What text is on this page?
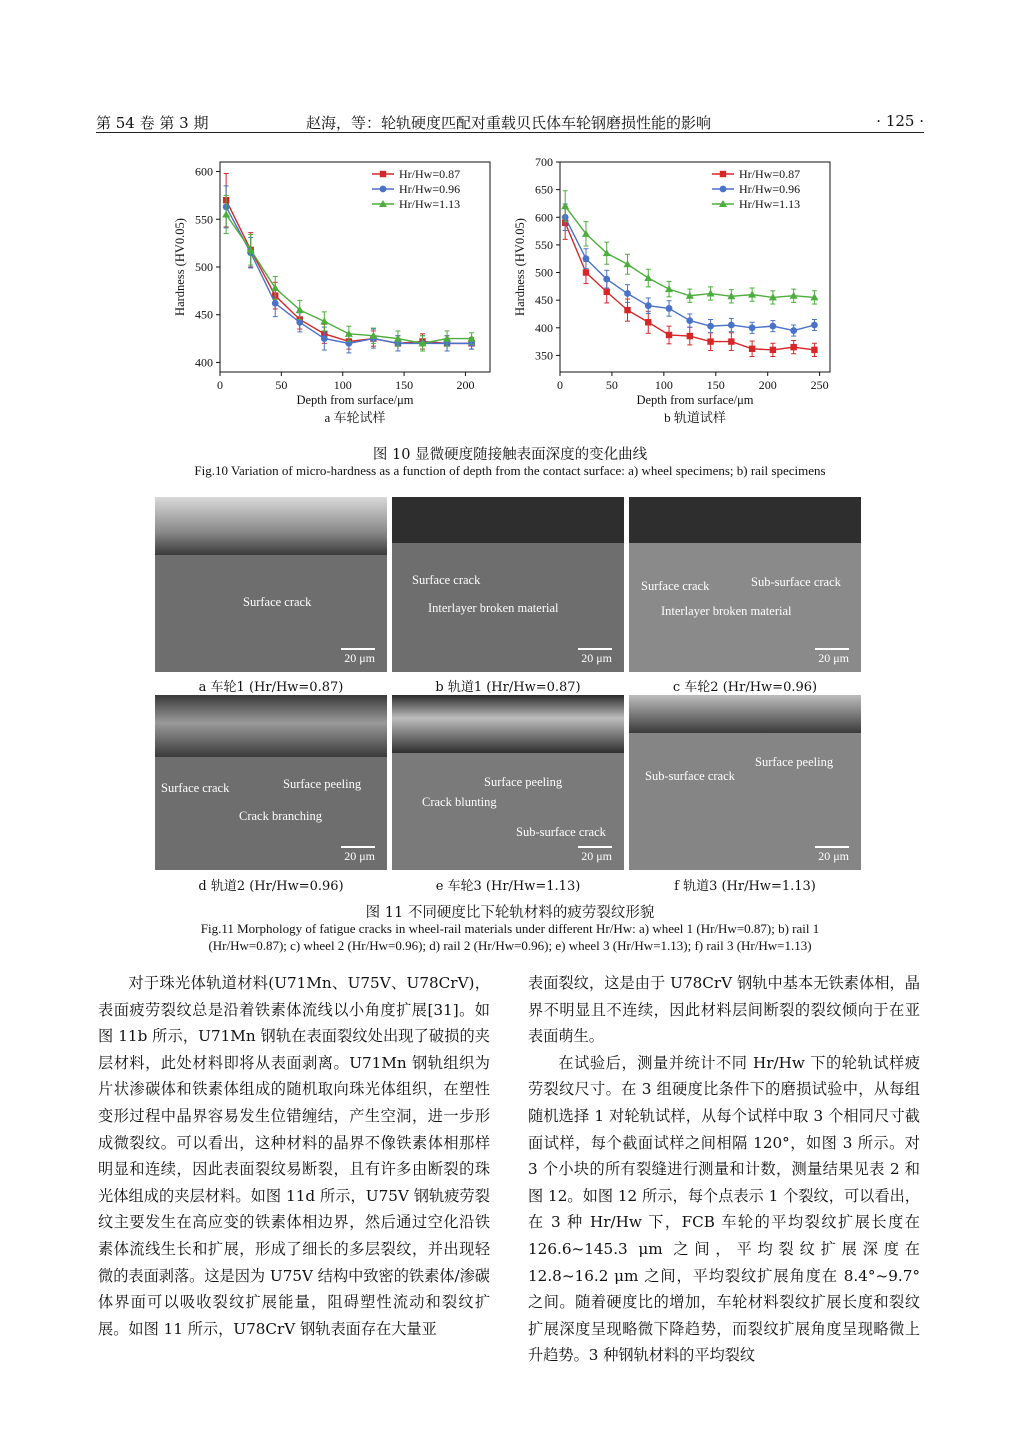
第 54 卷 第 3 期	赵海，等：轮轨硬度匹配对重载贝氏体车轮钢磨损性能的影响	· 125 ·
0	50	100	150	200
400
450
500
550
600
Depth from surface/μm
a 车轮试样
Hardness (HV0.05)
Hr/Hw=0.87
Hr/Hw=0.96
Hr/Hw=1.13
0	50	100	150	200	250
350
400
450
500
550
600
650
700
Depth from surface/μm
b 轨道试样
Hardness (HV0.05)
Hr/Hw=0.87
Hr/Hw=0.96
Hr/Hw=1.13
图 10 显微硬度随接触表面深度的变化曲线
Fig.10 Variation of micro-hardness as a function of depth from the contact surface: a) wheel specimens; b) rail specimens
Surface crack
20 μm
Surface crack
Interlayer broken material
20 μm
Surface crack	Sub-surface crack
Interlayer broken material
20 μm
a 车轮1 (Hr/Hw=0.87)	b 轨道1 (Hr/Hw=0.87)	c 车轮2 (Hr/Hw=0.96)
Surface crack	Surface peeling
Crack branching
20 μm
Surface peeling
Crack blunting
Sub-surface crack
20 μm
Sub-surface crack
Surface peeling
20 μm
d 轨道2 (Hr/Hw=0.96)	e 车轮3 (Hr/Hw=1.13)	f 轨道3 (Hr/Hw=1.13)
图 11 不同硬度比下轮轨材料的疲劳裂纹形貌
Fig.11 Morphology of fatigue cracks in wheel-rail materials under different Hr/Hw: a) wheel 1 (Hr/Hw=0.87); b) rail 1
(Hr/Hw=0.87); c) wheel 2 (Hr/Hw=0.96); d) rail 2 (Hr/Hw=0.96); e) wheel 3 (Hr/Hw=1.13); f) rail 3 (Hr/Hw=1.13)

对于珠光体轨道材料(U71Mn、U75V、U78CrV)，表面疲劳裂纹总是沿着铁素体流线以小角度扩展[31]。如图 11b 所示，U71Mn 钢轨在表面裂纹处出现了破损的夹层材料，此处材料即将从表面剥离。U71Mn 钢轨组织为片状渗碳体和铁素体组成的随机取向珠光体组织，在塑性变形过程中晶界容易发生位错缠结，产生空洞，进一步形成微裂纹。可以看出，这种材料的晶界不像铁素体相那样明显和连续，因此表面裂纹易断裂，且有许多由断裂的珠光体组成的夹层材料。如图 11d 所示，U75V 钢轨疲劳裂纹主要发生在高应变的铁素体相边界，然后通过空化沿铁素体流线生长和扩展，形成了细长的多层裂纹，并出现轻微的表面剥落。这是因为 U75V 结构中致密的铁素体/渗碳体界面可以吸收裂纹扩展能量，阻碍塑性流动和裂纹扩展。如图 11 所示，U78CrV 钢轨表面存在大量亚

表面裂纹，这是由于 U78CrV 钢轨中基本无铁素体相，晶界不明显且不连续，因此材料层间断裂的裂纹倾向于在亚表面萌生。

在试验后，测量并统计不同 Hr/Hw 下的轮轨试样疲劳裂纹尺寸。在 3 组硬度比条件下的磨损试验中，从每组随机选择 1 对轮轨试样，从每个试样中取 3 个相同尺寸截面试样，每个截面试样之间相隔 120°，如图 3 所示。对 3 个小块的所有裂缝进行测量和计数，测量结果见表 2 和图 12。如图 12 所示，每个点表示 1 个裂纹，可以看出，在 3 种 Hr/Hw 下，FCB 车轮的平均裂纹扩展长度在 126.6~145.3 μm 之间，平均裂纹扩展深度在 12.8~16.2 μm 之间，平均裂纹扩展角度在 8.4°~9.7°之间。随着硬度比的增加，车轮材料裂纹扩展长度和裂纹扩展深度呈现略微下降趋势，而裂纹扩展角度呈现略微上升趋势。3 种钢轨材料的平均裂纹
